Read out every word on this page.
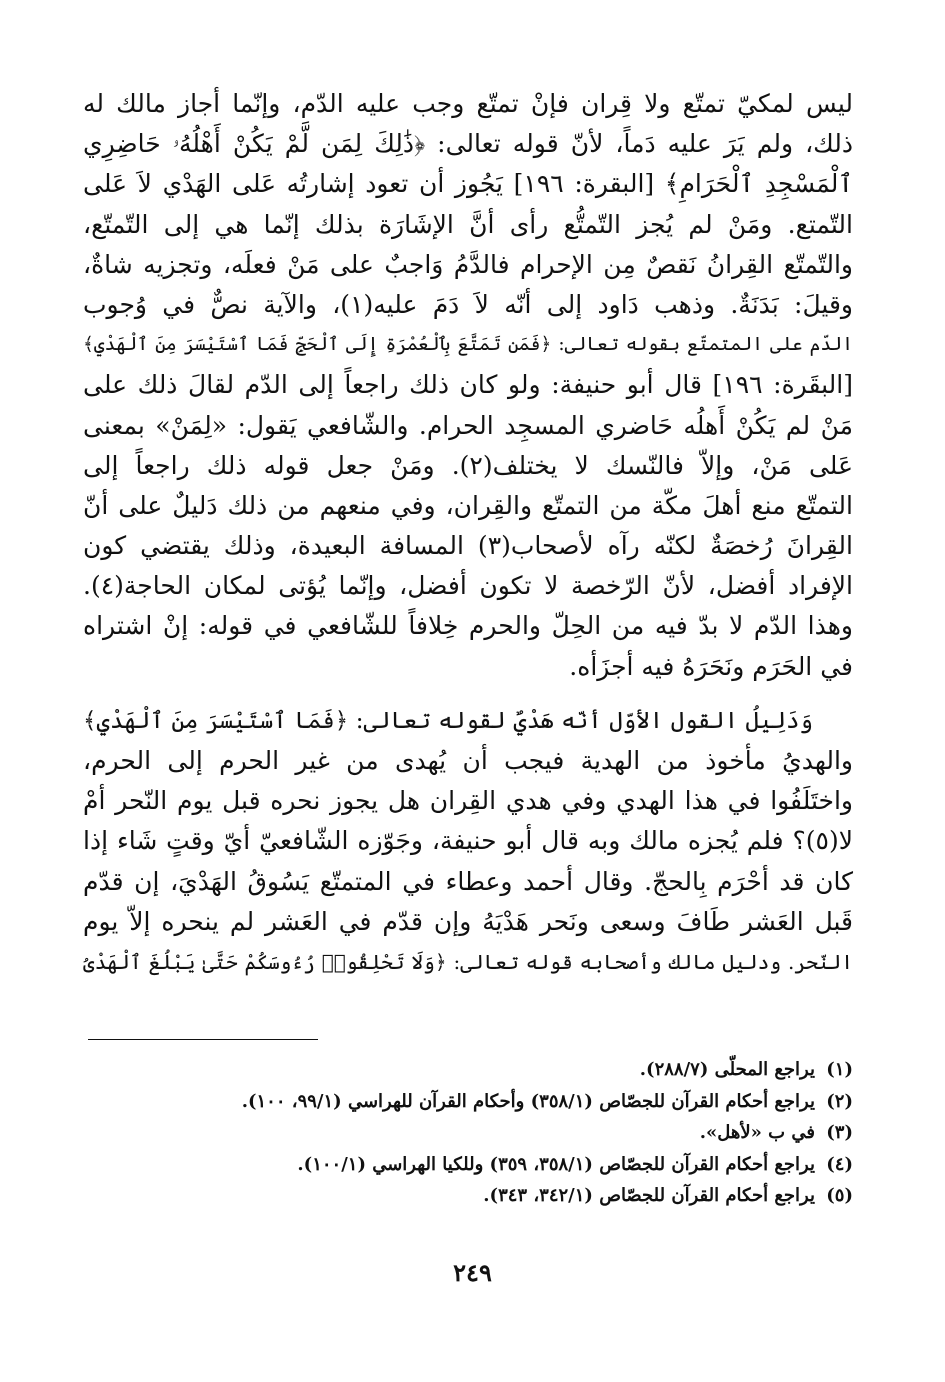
ليس لمكيّ تمتّع ولا قِران فإنْ تمتّع وجب عليه الدّم، وإنّما أجاز مالك له
ذلك، ولم يَرَ عليه دَماً، لأنّ قوله تعالى: ﴿ذَٰلِكَ لِمَن لَّمْ يَكُنْ أَهْلُهُۥ حَاضِرِي
ٱلْمَسْجِدِ ٱلْحَرَامِ﴾ [البقرة: ١٩٦] يَجُوز أن تعود إشارتُه عَلى الهَدْي لاَ عَلى
التّمتع. ومَنْ لم يُجز التّمتُّع رأى أنَّ الإشَارَة بذلك إنّما هي إلى التّمتّع،
والتّمتّع القِرانُ نَقصٌ مِن الإحرام فالدَّمُ وَاجبٌ على مَنْ فعلَه، وتجزيه شاةٌ،
وقيلَ: بَدَنَةٌ. وذهب دَاود إلى أنّه لاَ دَمَ عليه(١)، والآية نصٌّ في وُجوب
الدّم على المتمتّع بقوله تعالى: ﴿فَمَن تَمَتَّعَ بِٱلْعُمْرَةِ إِلَى ٱلْحَجِّ فَمَا ٱسْتَيْسَرَ مِنَ ٱلْهَدْيِ﴾
[البقَرة: ١٩٦] قال أبو حنيفة: ولو كان ذلك راجعاً إلى الدّم لقالَ ذلك على
مَنْ لم يَكُنْ أَهلُه حَاضري المسجِد الحرام. والشّافعي يَقول: «لِمَنْ» بمعنى
عَلى مَنْ، وإلاّ فالنّسك لا يختلف(٢). ومَنْ جعل قوله ذلك راجعاً إلى
التمتّع منع أهلَ مكّة من التمتّع والقِران، وفي منعهم من ذلك دَليلٌ على أنّ
القِرانَ رُخصَةٌ لكنّه رآه لأصحاب(٣) المسافة البعيدة، وذلك يقتضي كون
الإفراد أفضل، لأنّ الرّخصة لا تكون أفضل، وإنّما يُؤتى لمكان الحاجة(٤).
وهذا الدّم لا بدّ فيه من الحِلّ والحرم خِلافاً للشّافعي في قوله: إنْ اشتراه
في الحَرَم ونَحَرَهُ فيه أجزَأه.
وَدَلِيلُ القول الأوّل أنّه هَدْيٌ لقوله تعالى: ﴿فَمَا ٱسْتَيْسَرَ مِنَ ٱلْهَدْيِ﴾
والهديُ مأخوذ من الهدية فيجب أن يُهدى من غير الحرم إلى الحرم،
واختَلَفُوا في هذا الهدي وفي هدي القِران هل يجوز نحره قبل يوم النّحر أمْ
لا(٥)؟ فلم يُجزه مالك وبه قال أبو حنيفة، وجَوّزه الشّافعيّ أيّ وقتٍ شَاء إذا
كان قد أحْرَم بِالحجّ. وقال أحمد وعطاء في المتمتّع يَسُوقُ الهَدْيَ، إن قدّم
قَبل العَشر طَافَ وسعى ونَحر هَدْيَهُ وإن قدّم في العَشر لم ينحره إلاّ يوم
النّحر. ودليل مالك وأصحابه قوله تعالى: ﴿وَلَا تَحْلِقُوا۟ رُءُوسَكُمْ حَتَّىٰ يَبْلُغَ ٱلْهَدْىُ
(١)يراجع المحلّى (٢٨٨/٧).
(٢)يراجع أحكام القرآن للجصّاص (٣٥٨/١) وأحكام القرآن للهراسي (٩٩/١، ١٠٠).
(٣)في ب «لأهل».
(٤)يراجع أحكام القرآن للجصّاص (٣٥٨/١، ٣٥٩) وللكيا الهراسي (١٠٠/١).
(٥)يراجع أحكام القرآن للجصّاص (٣٤٢/١، ٣٤٣).
٢٤٩
